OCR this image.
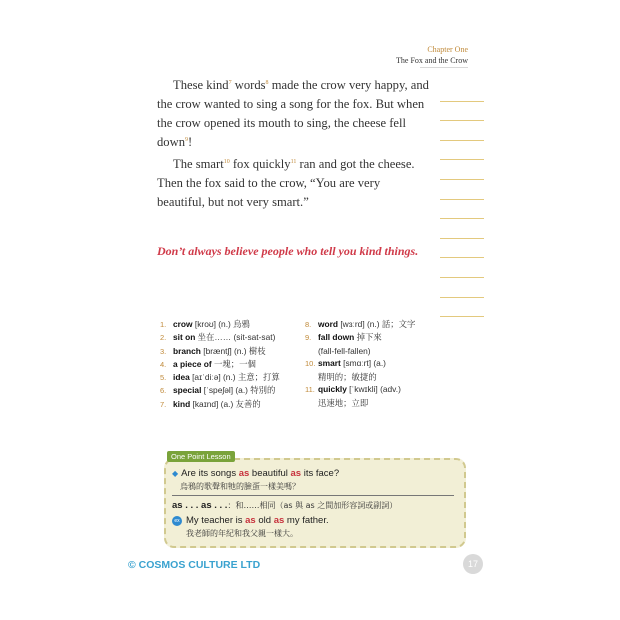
Chapter One
The Fox and the Crow

These kind$^7$ words$^8$ made the crow very happy, and the crow wanted to sing a song for the fox. But when the crow opened its mouth to sing, the cheese fell down$^9$!

The smart$^{10}$ fox quickly$^{11}$ ran and got the cheese. Then the fox said to the crow, “You are very beautiful, but not very smart.”

Don’t always believe people who tell you kind things.
1. crow [kroʊ] (n.) 烏鴉
2. sit on 坐在…… (sit-sat-sat)
3. branch [bræntʃ] (n.) 樹枝
4. a piece of 一塊；一個
5. idea [aɪˈdiːə] (n.) 主意；打算
6. special [ˈspeʃəl] (a.) 特別的
7. kind [kaɪnd] (a.) 友善的
8. word [wɜːrd] (n.) 話；文字
9. fall down 掉下來
(fall-fell-fallen)
10. smart [smɑːrt] (a.)
精明的；敏捷的
11. quickly [ˈkwɪkli] (adv.)
迅速地；立即
One Point Lesson
◆ Are its songs as beautiful as its face?
烏鴉的歌聲和牠的臉蛋一樣美嗎？
as . . . as . . .：和……相同（as 與 as 之間加形容詞或副詞）
ex My teacher is as old as my father.
我老師的年紀和我父親一樣大。
© COSMOS CULTURE LTD	17
